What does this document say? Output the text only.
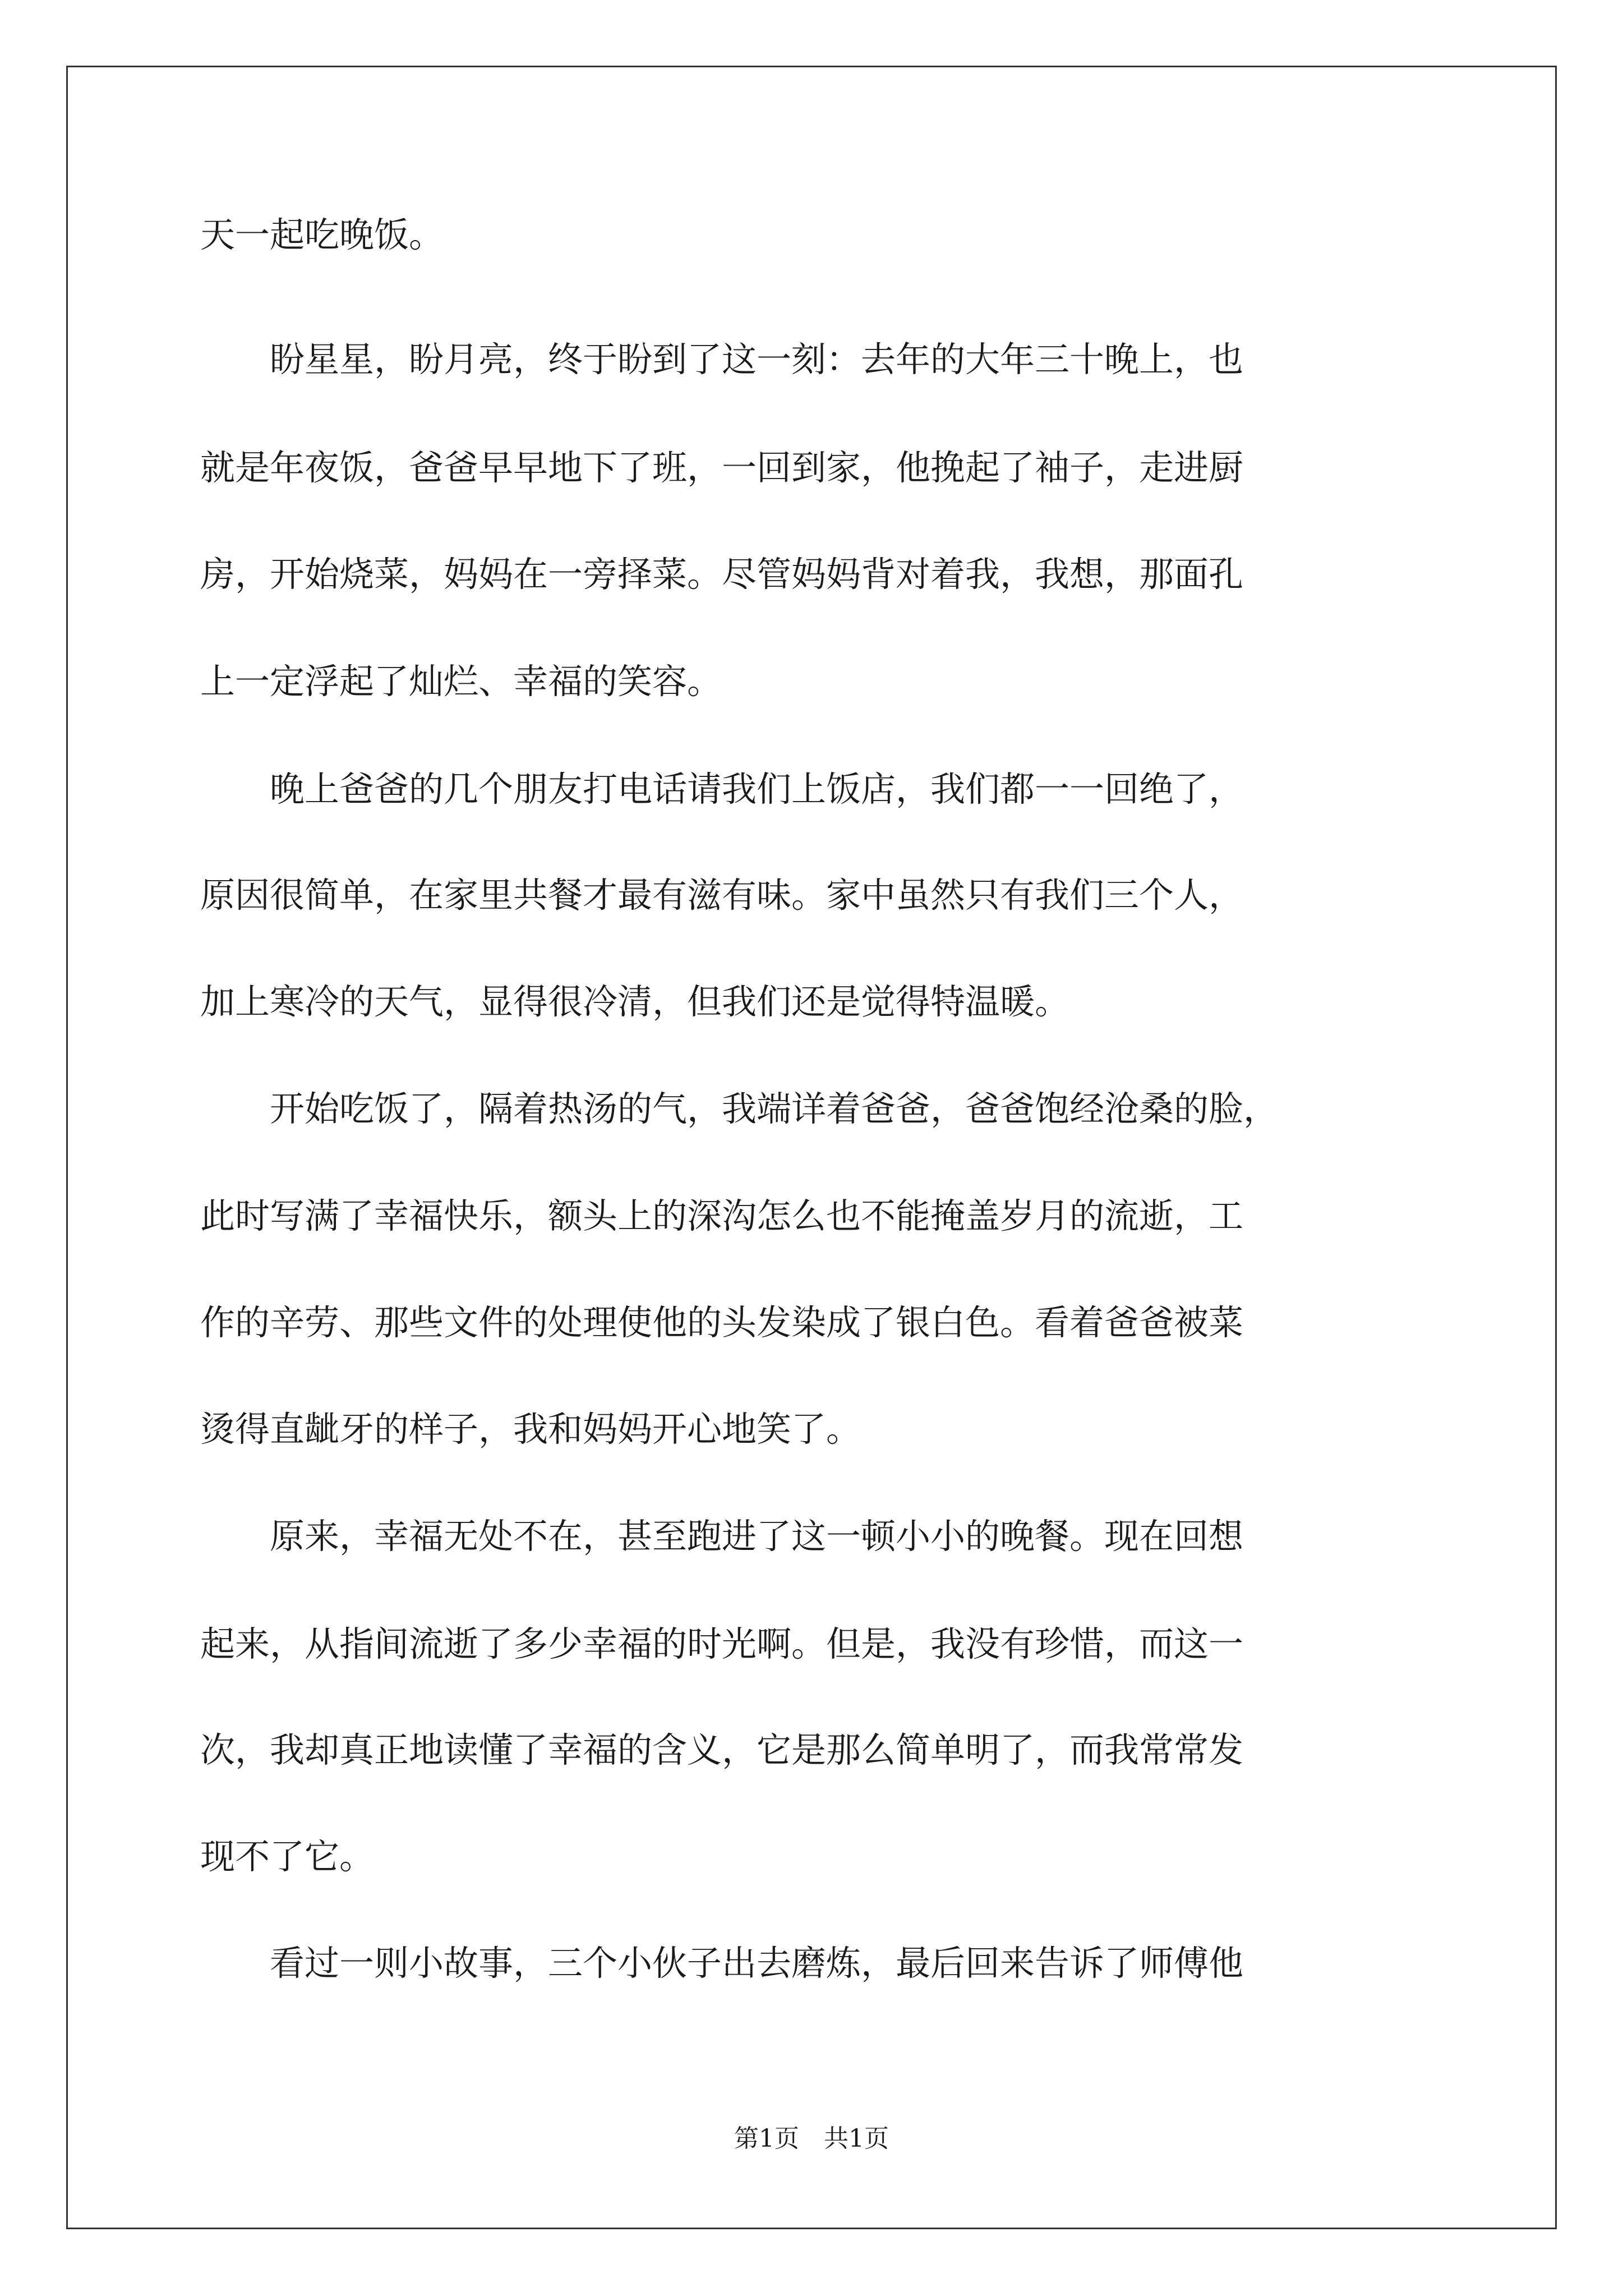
天一起吃晚饭。
　　盼星星，盼月亮，终于盼到了这一刻：去年的大年三十晚上，也
就是年夜饭，爸爸早早地下了班，一回到家，他挽起了袖子，走进厨
房，开始烧菜，妈妈在一旁择菜。尽管妈妈背对着我，我想，那面孔
上一定浮起了灿烂、幸福的笑容。
　　晚上爸爸的几个朋友打电话请我们上饭店，我们都一一回绝了，
原因很简单，在家里共餐才最有滋有味。家中虽然只有我们三个人，
加上寒冷的天气，显得很冷清，但我们还是觉得特温暖。
　　开始吃饭了，隔着热汤的气，我端详着爸爸，爸爸饱经沧桑的脸，
此时写满了幸福快乐，额头上的深沟怎么也不能掩盖岁月的流逝，工
作的辛劳、那些文件的处理使他的头发染成了银白色。看着爸爸被菜
烫得直龇牙的样子，我和妈妈开心地笑了。
　　原来，幸福无处不在，甚至跑进了这一顿小小的晚餐。现在回想
起来，从指间流逝了多少幸福的时光啊。但是，我没有珍惜，而这一
次，我却真正地读懂了幸福的含义，它是那么简单明了，而我常常发
现不了它。
　　看过一则小故事，三个小伙子出去磨炼，最后回来告诉了师傅他
第1页　共1页
